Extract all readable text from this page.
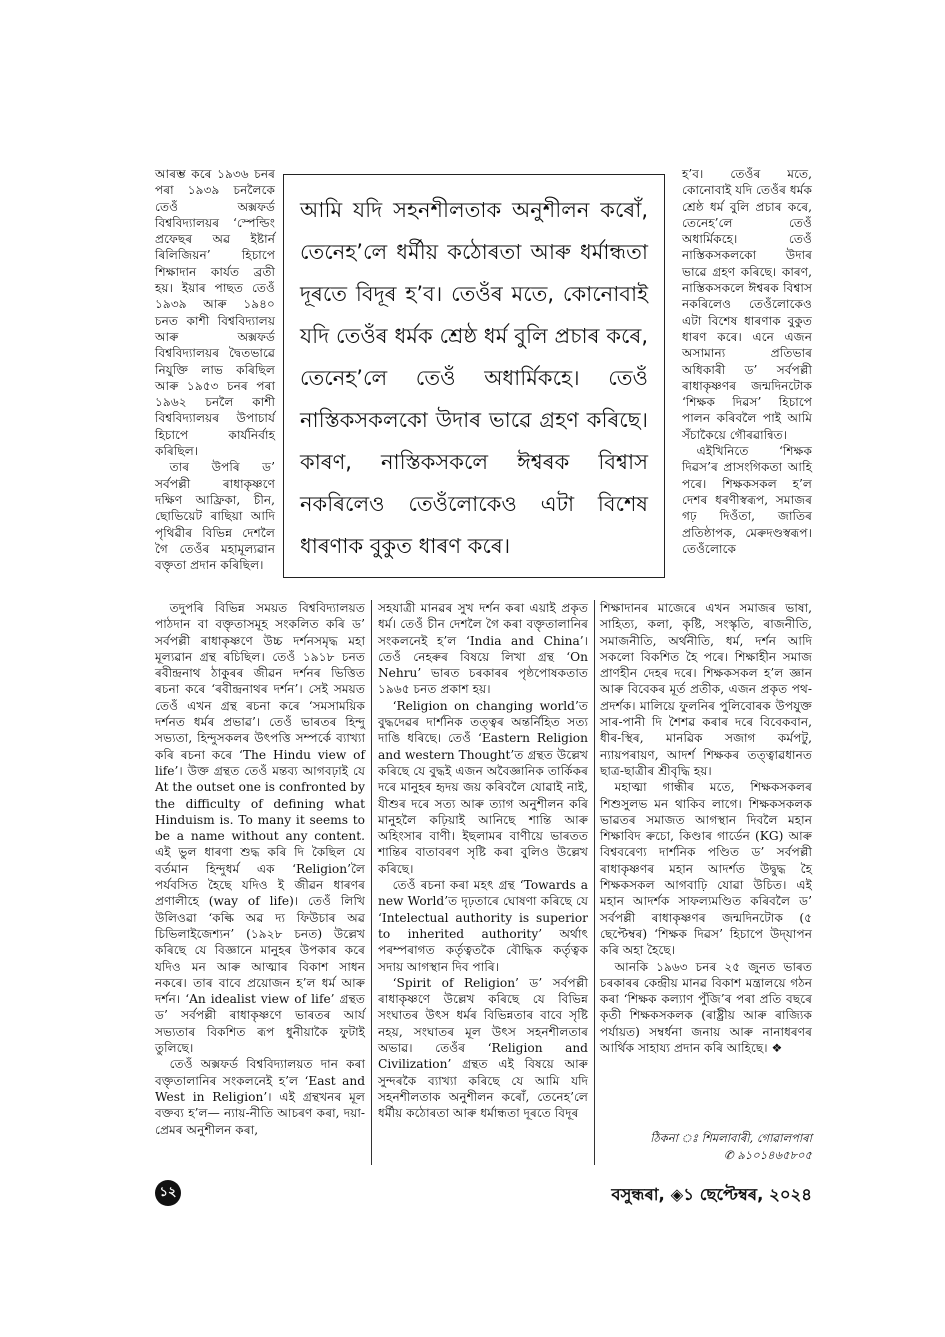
আৰম্ভ কৰে ১৯৩৬ চনৰ পৰা ১৯৩৯ চনলৈকে তেওঁ অক্সফৰ্ড বিশ্ববিদ্যালয়ৰ ‘স্পেল্ডিং প্ৰফেছৰ অৱ ইষ্টাৰ্ন ৰিলিজিয়ন’ হিচাপে শিক্ষাদান কাৰ্যত ব্ৰতী হয়। ইয়াৰ পাছত তেওঁ ১৯৩৯ আৰু ১৯৪০ চনত কাশী বিশ্ববিদ্যালয় আৰু অক্সফৰ্ড বিশ্ববিদ্যালয়ৰ দ্বৈতভাৱে নিযুক্তি লাভ কৰিছিল আৰু ১৯৫৩ চনৰ পৰা ১৯৬২ চনলৈ কাশী বিশ্ববিদ্যালয়ৰ উপাচাৰ্য হিচাপে কাৰ্যনিৰ্বাহ কৰিছিল।

তাৰ উপৰি ড’ সৰ্বপল্লী ৰাধাকৃষ্ণণে দক্ষিণ আফ্ৰিকা, চীন, ছোভিয়েট ৰাছিয়া আদি পৃথিৱীৰ বিভিন্ন দেশলৈ গৈ তেওঁৰ মহামূল্যৱান বক্তৃতা প্ৰদান কৰিছিল।

আমি যদি সহনশীলতাক অনুশীলন কৰোঁ, তেনেহ’লে ধৰ্মীয় কঠোৰতা আৰু ধৰ্মান্ধতা দূৰতে বিদূৰ হ’ব। তেওঁৰ মতে, কোনোবাই যদি তেওঁৰ ধৰ্মক শ্ৰেষ্ঠ ধৰ্ম বুলি প্ৰচাৰ কৰে, তেনেহ’লে তেওঁ অধাৰ্মিকহে। তেওঁ নাস্তিকসকলকো উদাৰ ভাৱে গ্ৰহণ কৰিছে। কাৰণ, নাস্তিকসকলে ঈশ্বৰক বিশ্বাস নকৰিলেও তেওঁলোকেও এটা বিশেষ ধাৰণাক বুকুত ধাৰণ কৰে।

হ’ব। তেওঁৰ মতে, কোনোবাই যদি তেওঁৰ ধৰ্মক শ্ৰেষ্ঠ ধৰ্ম বুলি প্ৰচাৰ কৰে, তেনেহ’লে তেওঁ অধাৰ্মিকহে। তেওঁ নাস্তিকসকলকো উদাৰ ভাৱে গ্ৰহণ কৰিছে। কাৰণ, নাস্তিকসকলে ঈশ্বৰক বিশ্বাস নকৰিলেও তেওঁলোকেও এটা বিশেষ ধাৰণাক বুকুত ধাৰণ কৰে। এনে এজন অসামান্য প্ৰতিভাৰ অধিকাৰী ড’ সৰ্বপল্লী ৰাধাকৃষ্ণণৰ জন্মদিনটোক ‘শিক্ষক দিৱস’ হিচাপে পালন কৰিবলৈ পাই আমি সঁচাকৈয়ে গৌৰৱান্বিত।

এইখিনিতে ‘শিক্ষক দিৱস’ৰ প্ৰাসংগিকতা আহি পৰে। শিক্ষকসকল হ’ল দেশৰ ধৰণীস্বৰূপ, সমাজৰ গঢ় দিওঁতা, জাতিৰ প্ৰতিষ্ঠাপক, মেৰুদণ্ডস্বৰূপ। তেওঁলোকে

তদুপৰি বিভিন্ন সময়ত বিশ্ববিদ্যালয়ত পাঠদান বা বক্তৃতাসমূহ সংকলিত কৰি ড’ সৰ্বপল্লী ৰাধাকৃষ্ণণে উচ্চ দৰ্শনসমৃদ্ধ মহা মূল্যৱান গ্ৰন্থ ৰচিছিল। তেওঁ ১৯১৮ চনত ৰবীন্দ্ৰনাথ ঠাকুৰৰ জীৱন দৰ্শনৰ ভিত্তিত ৰচনা কৰে ‘ৰবীন্দ্ৰনাথৰ দৰ্শন’। সেই সময়ত তেওঁ এখন গ্ৰন্থ ৰচনা কৰে ‘সমসাময়িক দৰ্শনত ধৰ্মৰ প্ৰভাৱ’। তেওঁ ভাৰতৰ হিন্দু সভ্যতা, হিন্দুসকলৰ উৎপত্তি সম্পৰ্কে ব্যাখ্যা কৰি ৰচনা কৰে ‘The Hindu view of life’। উক্ত গ্ৰন্থত তেওঁ মন্তব্য আগবঢ়াই যে At the outset one is confronted by the difficulty of defining what Hinduism is. To many it seems to be a name without any content. এই ভুল ধাৰণা শুদ্ধ কৰি দি কৈছিল যে বৰ্তমান হিন্দুধৰ্ম এক ‘Religion’লৈ পৰ্যবসিত হৈছে যদিও ই জীৱন ধাৰণৰ প্ৰণালীহে (way of life)। তেওঁ লিখি উলিওৱা ‘কল্কি অৱ দ্য ফিউচাৰ অৱ চিভিলাইজেশ্যন’ (১৯২৮ চনত) উল্লেখ কৰিছে যে বিজ্ঞানে মানুহৰ উপকাৰ কৰে যদিও মন আৰু আত্মাৰ বিকাশ সাধন নকৰে। তাৰ বাবে প্ৰয়োজন হ’ল ধৰ্ম আৰু দৰ্শন। ‘An idealist view of life’ গ্ৰন্থত ড’ সৰ্বপল্লী ৰাধাকৃষ্ণণে ভাৰতৰ আৰ্য সভ্যতাৰ বিকশিত ৰূপ ধুনীয়াকৈ ফুটাই তুলিছে।

তেওঁ অক্সফৰ্ড বিশ্ববিদ্যালয়ত দান কৰা বক্তৃতালানিৰ সংকলনেই হ’ল ‘East and West in Religion’। এই গ্ৰন্থখনৰ মূল বক্তব্য হ’ল— ন্যায়-নীতি আচৰণ কৰা, দয়া-প্ৰেমৰ অনুশীলন কৰা,

সহযাত্ৰী মানৱৰ সুখ দৰ্শন কৰা এয়াই প্ৰকৃত ধৰ্ম। তেওঁ চীন দেশলৈ গৈ কৰা বক্তৃতালানিৰ সংকলনেই হ’ল ‘India and China’। তেওঁ নেহৰুৰ বিষয়ে লিখা গ্ৰন্থ ‘On Nehru’ ভাৰত চৰকাৰৰ পৃষ্ঠপোষকতাত ১৯৬৫ চনত প্ৰকাশ হয়।

‘Religion on changing world’ত বুদ্ধদেৱৰ দাৰ্শনিক তত্ত্বৰ অন্তৰ্নিহিত সত্য দাঙি ধৰিছে। তেওঁ ‘Eastern Religion and western Thought’ত গ্ৰন্থত উল্লেখ কৰিছে যে বুদ্ধই এজন অবৈজ্ঞানিক তাৰ্কিকৰ দৰে মানুহৰ হৃদয় জয় কৰিবলৈ যোৱাই নাই, যীশুৰ দৰে সত্য আৰু ত্যাগ অনুশীলন কৰি মানুহলৈ কঢ়িয়াই আনিছে শান্তি আৰু অহিংসাৰ বাণী। ইছলামৰ বাণীয়ে ভাৰতত শান্তিৰ বাতাবৰণ সৃষ্টি কৰা বুলিও উল্লেখ কৰিছে।

তেওঁ ৰচনা কৰা মহৎ গ্ৰন্থ ‘Towards a new World’ত দৃঢ়তাৰে ঘোষণা কৰিছে যে ‘Intelectual authority is superior to inherited authority’ অৰ্থাৎ পৰম্পৰাগত কৰ্তৃত্বতকৈ বৌদ্ধিক কৰ্তৃত্বক সদায় আগস্থান দিব পাৰি।

‘Spirit of Religion’ ড’ সৰ্বপল্লী ৰাধাকৃষ্ণণে উল্লেখ কৰিছে যে বিভিন্ন সংঘাতৰ উৎস ধৰ্মৰ বিভিন্নতাৰ বাবে সৃষ্টি নহয়, সংঘাতৰ মূল উৎস সহনশীলতাৰ অভাৱ। তেওঁৰ ‘Religion and Civilization’ গ্ৰন্থত এই বিষয়ে আৰু সুন্দৰকৈ ব্যাখ্যা কৰিছে যে আমি যদি সহনশীলতাক অনুশীলন কৰোঁ, তেনেহ’লে ধৰ্মীয় কঠোৰতা আৰু ধৰ্মান্ধতা দূৰতে বিদূৰ

শিক্ষাদানৰ মাজেৰে এখন সমাজৰ ভাষা, সাহিত্য, কলা, কৃষ্টি, সংস্কৃতি, ৰাজনীতি, সমাজনীতি, অৰ্থনীতি, ধৰ্ম, দৰ্শন আদি সকলো বিকশিত হৈ পৰে। শিক্ষাহীন সমাজ প্ৰাণহীন দেহৰ দৰে। শিক্ষকসকল হ’ল জ্ঞান আৰু বিবেকৰ মূৰ্ত প্ৰতীক, এজন প্ৰকৃত পথ-প্ৰদৰ্শক। মালিয়ে ফুলনিৰ পুলিবোৰক উপযুক্ত সাৰ-পানী দি শৈশৱ কৰাৰ দৰে বিবেকবান, ধীৰ-স্থিৰ, মানৱিক সজাগ কৰ্মপটু, ন্যায়পৰায়ণ, আদৰ্শ শিক্ষকৰ তত্ত্বাৱধানত ছাত্ৰ-ছাত্ৰীৰ শ্ৰীবৃদ্ধি হয়।

মহাত্মা গান্ধীৰ মতে, শিক্ষকসকলৰ শিশুসুলভ মন থাকিব লাগে। শিক্ষকসকলক ভাৱতৰ সমাজত আগস্থান দিবলৈ মহান শিক্ষাবিদ ৰুচো, কিণ্ডাৰ গাৰ্ডেন (KG) আৰু বিশ্ববৰেণ্য দাৰ্শনিক পণ্ডিত ড’ সৰ্বপল্লী ৰাধাকৃষ্ণণৰ মহান আদৰ্শত উদ্বুদ্ধ হৈ শিক্ষকসকল আগবাঢ়ি যোৱা উচিত। এই মহান আদৰ্শক সাফল্যমণ্ডিত কৰিবলৈ ড’ সৰ্বপল্লী ৰাধাকৃষ্ণণৰ জন্মদিনটোক (৫ ছেপ্টেম্বৰ) ‘শিক্ষক দিৱস’ হিচাপে উদ্‌যাপন কৰি অহা হৈছে।

আনকি ১৯৬৩ চনৰ ২৫ জুনত ভাৰত চৰকাৰৰ কেন্দ্ৰীয় মানৱ বিকাশ মন্ত্ৰালয়ে গঠন কৰা ‘শিক্ষক কল্যাণ পুঁজি’ৰ পৰা প্ৰতি বছৰে কৃতী শিক্ষকসকলক (ৰাষ্ট্ৰীয় আৰু ৰাজ্যিক পৰ্যায়ত) সম্বৰ্ধনা জনায় আৰু নানাধৰণৰ আৰ্থিক সাহায্য প্ৰদান কৰি আহিছে। ❖

ঠিকনা ঃ শিমলাবাৰী, গোৱালপাৰা
✆ ৯১০১৪৬৫৮০৫
১২	বসুন্ধৰা, ◈১ ছেপ্টেম্বৰ, ২০২৪
